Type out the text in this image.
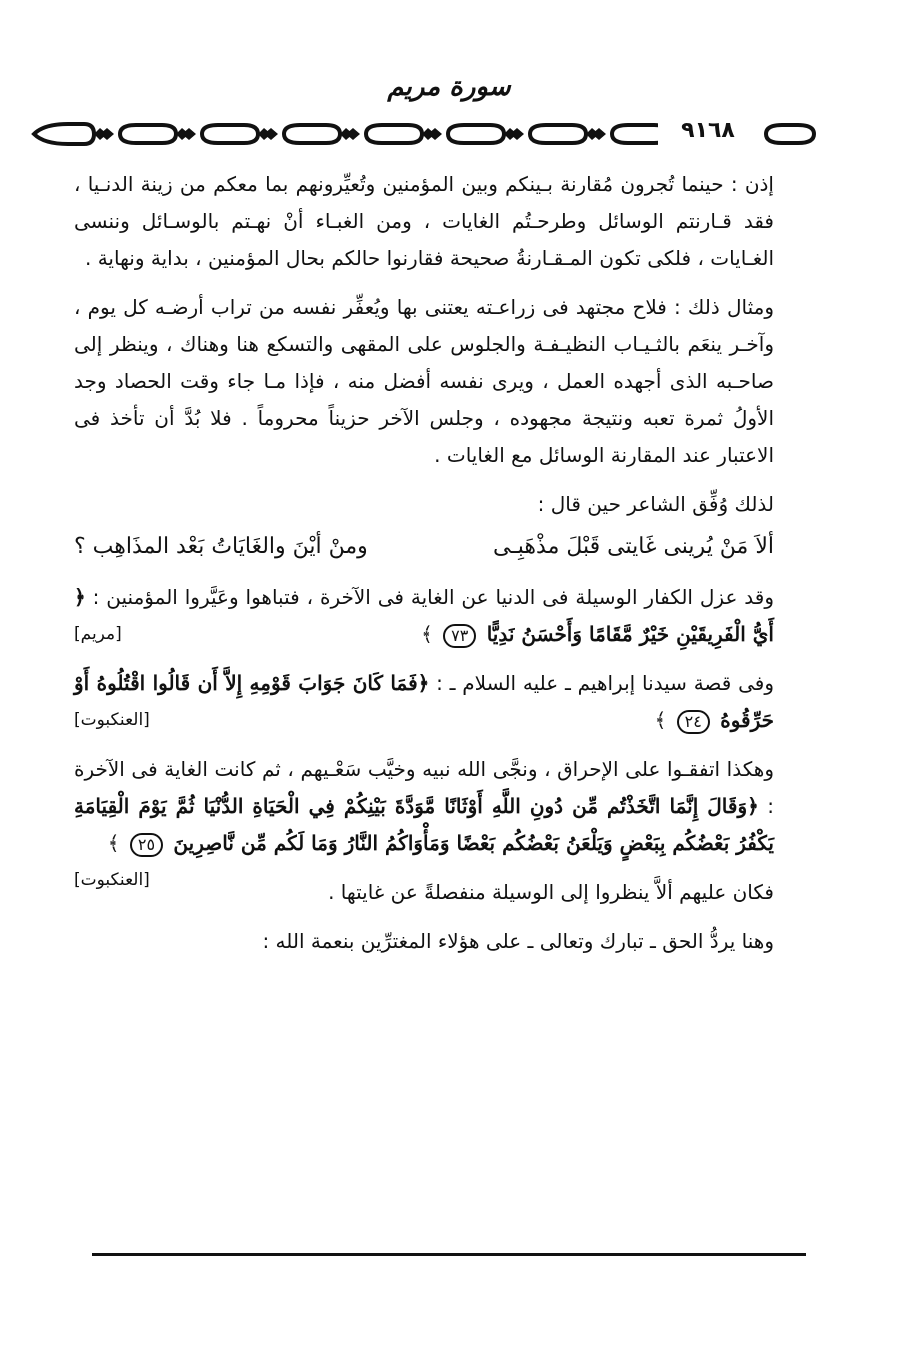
سورة مريم
٩١٦٨

إذن : حينما تُجرون مُقارنة بـينكم وبين المؤمنين وتُعيِّرونهم بما معكم من زينة الدنـيا ، فقد قـارنتم الوسائل وطرحـتُم الغايات ، ومن الغبـاء أنْ نهـتم بالوسـائل وننسى الغـايات ، فلكى تكون المـقـارنةُ صحيحة فقارنوا حالكم بحال المؤمنين ، بداية ونهاية .

ومثال ذلك : فلاح مجتهد فى زراعـته يعتنى بها ويُعفِّر نفسه من تراب أرضـه كل يوم ، وآخـر ينعَم بالثـيـاب النظيـفـة والجلوس على المقهى والتسكع هنا وهناك ، وينظر إلى صاحـبه الذى أجهده العمل ، ويرى نفسه أفضل منه ، فإذا مـا جاء وقت الحصاد وجد الأولُ ثمرة تعبه ونتيجة مجهوده ، وجلس الآخر حزيناً محروماً . فلا بُدَّ أن تأخذ فى الاعتبار عند المقارنة الوسائل مع الغايات .

لذلك وُفِّق الشاعر حين قال :

ألاَ مَنْ يُرينى غَايتى قَبْلَ مذْهَبِـى
ومنْ أيْنَ والغَايَاتُ بَعْد المذَاهِب ؟

وقد عزل الكفار الوسيلة فى الدنيا عن الغاية فى الآخرة ، فتباهوا وعَيَّروا المؤمنين : ﴿ أَيُّ الْفَرِيقَيْنِ خَيْرٌ مَّقَامًا وَأَحْسَنُ نَدِيًّا ٧٣ ﴾
[مريم]

وفى قصة سيدنا إبراهيم ـ عليه السلام ـ : ﴿فَمَا كَانَ جَوَابَ قَوْمِهِ إِلاَّ أَن قَالُوا اقْتُلُوهُ أَوْ حَرِّقُوهُ ٢٤ ﴾
[العنكبوت]

وهكذا اتفقـوا على الإحراق ، ونجَّى الله نبيه وخيَّب سَعْـيهم ، ثم كانت الغاية فى الآخرة : ﴿وَقَالَ إِنَّمَا اتَّخَذْتُم مِّن دُونِ اللَّهِ أَوْثَانًا مَّوَدَّةَ بَيْنِكُمْ فِي الْحَيَاةِ الدُّنْيَا ثُمَّ يَوْمَ الْقِيَامَةِ يَكْفُرُ بَعْضُكُم بِبَعْضٍ وَيَلْعَنُ بَعْضُكُم بَعْضًا وَمَأْوَاكُمُ النَّارُ وَمَا لَكُم مِّن نَّاصِرِينَ ٢٥ ﴾
[العنكبوت]	فكان عليهم ألاَّ ينظروا إلى الوسيلة منفصلةً عن غايتها .

وهنا يردُّ الحق ـ تبارك وتعالى ـ على هؤلاء المغترِّين بنعمة الله :
